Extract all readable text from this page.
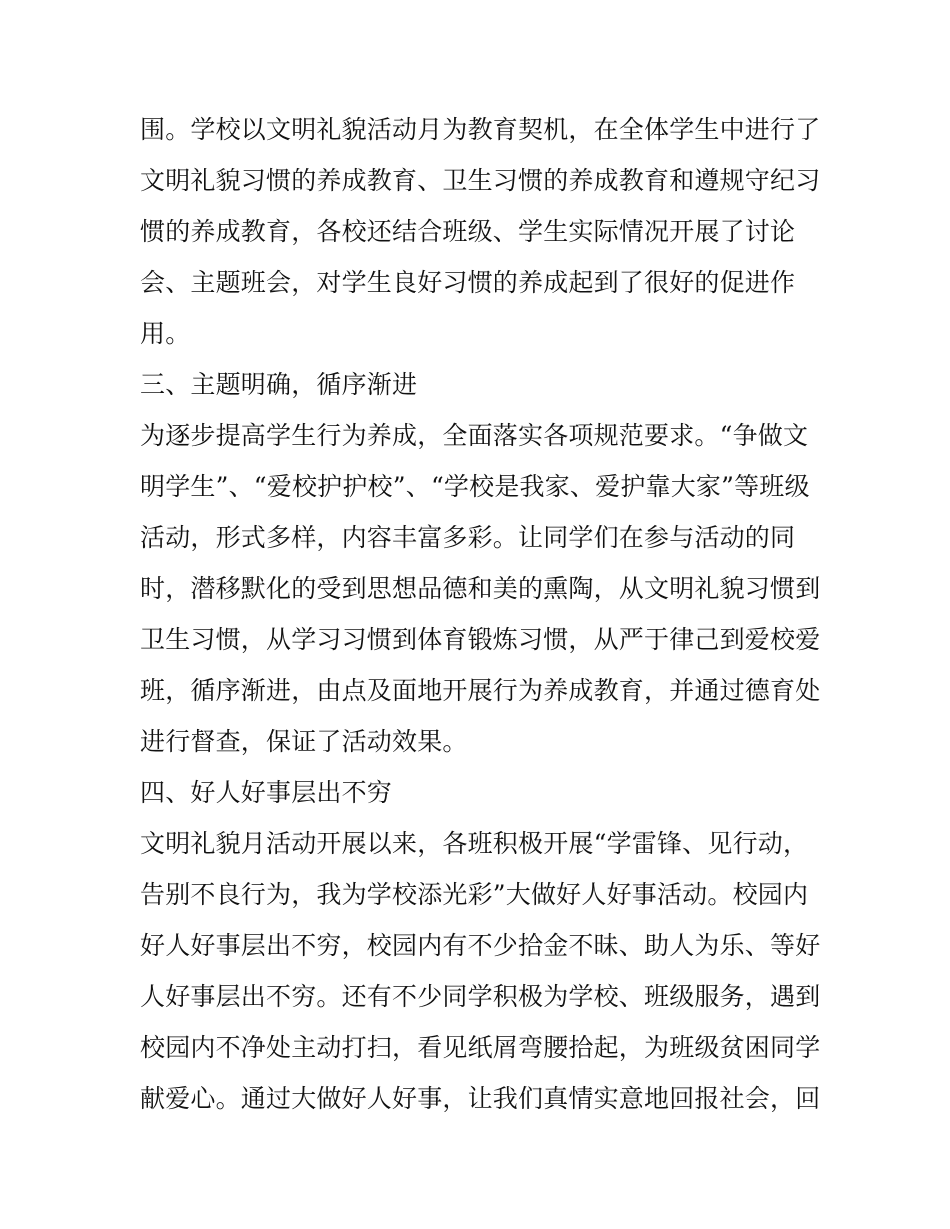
围。学校以文明礼貌活动月为教育契机，在全体学生中进行了
文明礼貌习惯的养成教育、卫生习惯的养成教育和遵规守纪习
惯的养成教育，各校还结合班级、学生实际情况开展了讨论
会、主题班会，对学生良好习惯的养成起到了很好的促进作
用。
三、主题明确，循序渐进
为逐步提高学生行为养成，全面落实各项规范要求。“争做文
明学生”、“爱校护护校”、“学校是我家、爱护靠大家”等班级
活动，形式多样，内容丰富多彩。让同学们在参与活动的同
时，潜移默化的受到思想品德和美的熏陶，从文明礼貌习惯到
卫生习惯，从学习习惯到体育锻炼习惯，从严于律己到爱校爱
班，循序渐进，由点及面地开展行为养成教育，并通过德育处
进行督查，保证了活动效果。
四、好人好事层出不穷
文明礼貌月活动开展以来，各班积极开展“学雷锋、见行动，
告别不良行为，我为学校添光彩”大做好人好事活动。校园内
好人好事层出不穷，校园内有不少拾金不昧、助人为乐、等好
人好事层出不穷。还有不少同学积极为学校、班级服务，遇到
校园内不净处主动打扫，看见纸屑弯腰拾起，为班级贫困同学
献爱心。通过大做好人好事，让我们真情实意地回报社会，回
